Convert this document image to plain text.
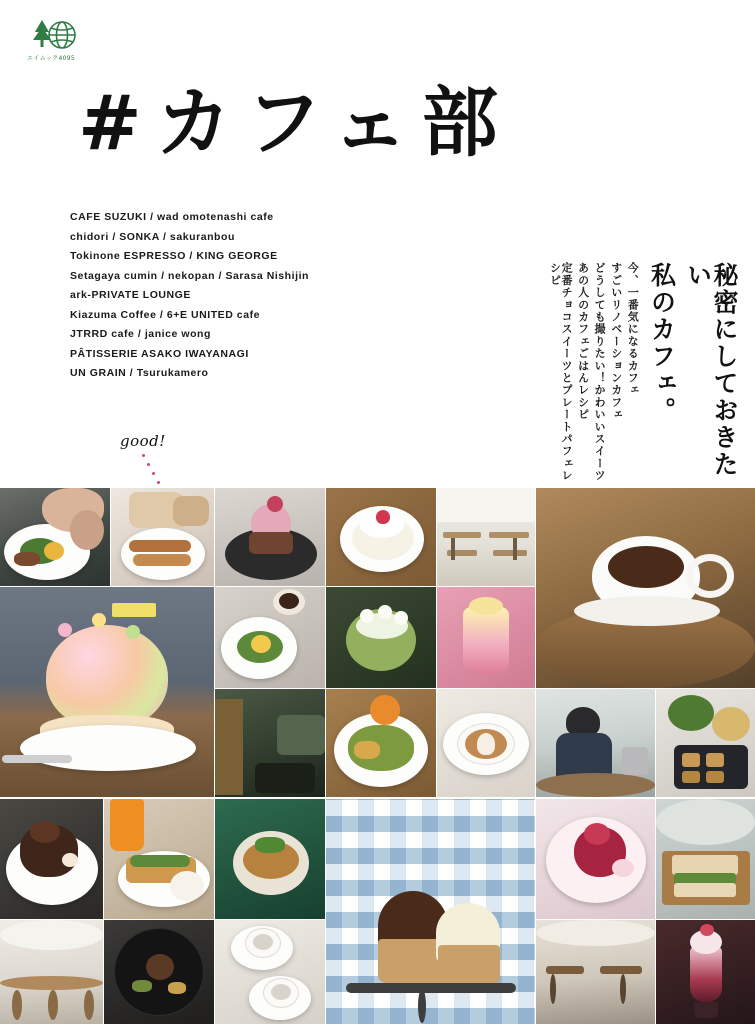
エイムック4095
#カフェ部
CAFE SUZUKI / wad omotenashi cafe
chidori / SONKA / sakuranbou
Tokinone ESPRESSO / KING GEORGE
Setagaya cumin / nekopan / Sarasa Nishijin
ark-PRIVATE LOUNGE
Kiazuma Coffee / 6+E UNITED cafe
JTRRD cafe / janice wong
PÂTISSERIE ASAKO IWAYANAGI
UN GRAIN / Tsurukamero	秘密にしておきたい
私のカフェ。
今、一番気になるカフェ
すごいリノベーションカフェ
どうしても撮りたい！かわいいスイーツ
あの人のカフェごはんレシピ
定番チョコスイーツとプレートパフェレシピ
good!
